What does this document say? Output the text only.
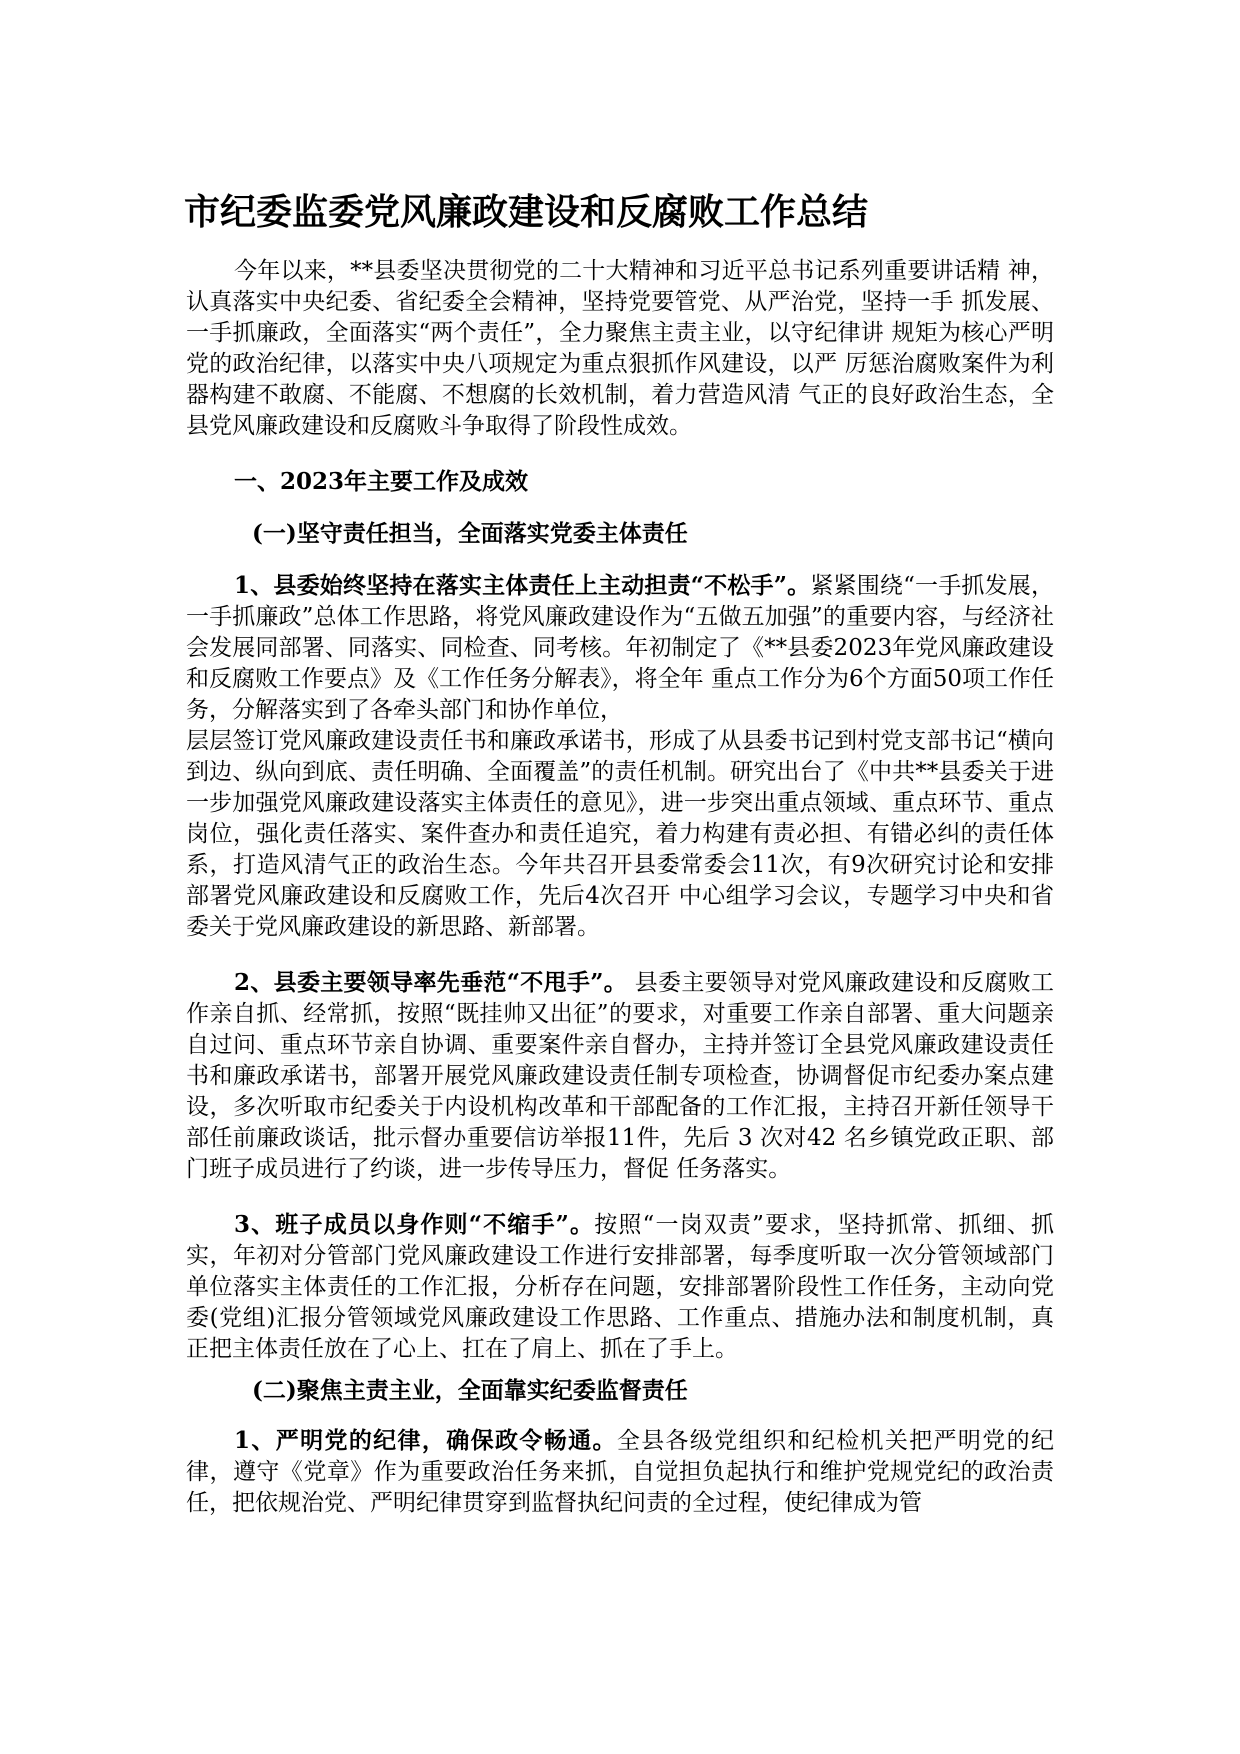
市纪委监委党风廉政建设和反腐败工作总结

今年以来，**县委坚决贯彻党的二十大精神和习近平总书记系列重要讲话精 神，认真落实中央纪委、省纪委全会精神，坚持党要管党、从严治党，坚持一手 抓发展、 一手抓廉政，全面落实“两个责任”，全力聚焦主责主业，以守纪律讲 规矩为核心严明党的政治纪律，以落实中央八项规定为重点狠抓作风建设，以严 厉惩治腐败案件为利器构建不敢腐、不能腐、不想腐的长效机制，着力营造风清 气正的良好政治生态，全县党风廉政建设和反腐败斗争取得了阶段性成效。

一、2023年主要工作及成效
(一)坚守责任担当，全面落实党委主体责任

1、县委始终坚持在落实主体责任上主动担责“不松手”。紧紧围绕“一手抓发展， 一手抓廉政”总体工作思路，将党风廉政建设作为“五做五加强”的重要内容，与经济社会发展同部署、同落实、同检查、同考核。年初制定了《**县委2023年党风廉政建设和反腐败工作要点》及《工作任务分解表》，将全年 重点工作分为6个方面50项工作任务，分解落实到了各牵头部门和协作单位，

层层签订党风廉政建设责任书和廉政承诺书，形成了从县委书记到村党支部书记“横向到边、纵向到底、责任明确、全面覆盖”的责任机制。研究出台了《中共**县委关于进一步加强党风廉政建设落实主体责任的意见》，进一步突出重点领域、重点环节、重点岗位，强化责任落实、案件查办和责任追究，着力构建有责必担、有错必纠的责任体系，打造风清气正的政治生态。今年共召开县委常委会11次，有9次研究讨论和安排部署党风廉政建设和反腐败工作，先后4次召开 中心组学习会议，专题学习中央和省委关于党风廉政建设的新思路、新部署。

2、县委主要领导率先垂范“不甩手”。 县委主要领导对党风廉政建设和反腐败工作亲自抓、经常抓，按照“既挂帅又出征”的要求，对重要工作亲自部署、重大问题亲自过问、重点环节亲自协调、重要案件亲自督办，主持并签订全县党风廉政建设责任书和廉政承诺书，部署开展党风廉政建设责任制专项检查，协调督促市纪委办案点建设，多次听取市纪委关于内设机构改革和干部配备的工作汇报，主持召开新任领导干部任前廉政谈话，批示督办重要信访举报11件，先后 3 次对42 名乡镇党政正职、部门班子成员进行了约谈，进一步传导压力，督促 任务落实。

3、班子成员以身作则“不缩手”。按照“一岗双责”要求，坚持抓常、抓细、抓实，年初对分管部门党风廉政建设工作进行安排部署，每季度听取一次分管领域部门单位落实主体责任的工作汇报，分析存在问题，安排部署阶段性工作任务，主动向党委(党组)汇报分管领域党风廉政建设工作思路、工作重点、措施办法和制度机制，真正把主体责任放在了心上、扛在了肩上、抓在了手上。

(二)聚焦主责主业，全面靠实纪委监督责任

1、严明党的纪律，确保政令畅通。全县各级党组织和纪检机关把严明党的纪律，遵守《党章》作为重要政治任务来抓，自觉担负起执行和维护党规党纪的政治责任，把依规治党、严明纪律贯穿到监督执纪问责的全过程，使纪律成为管
